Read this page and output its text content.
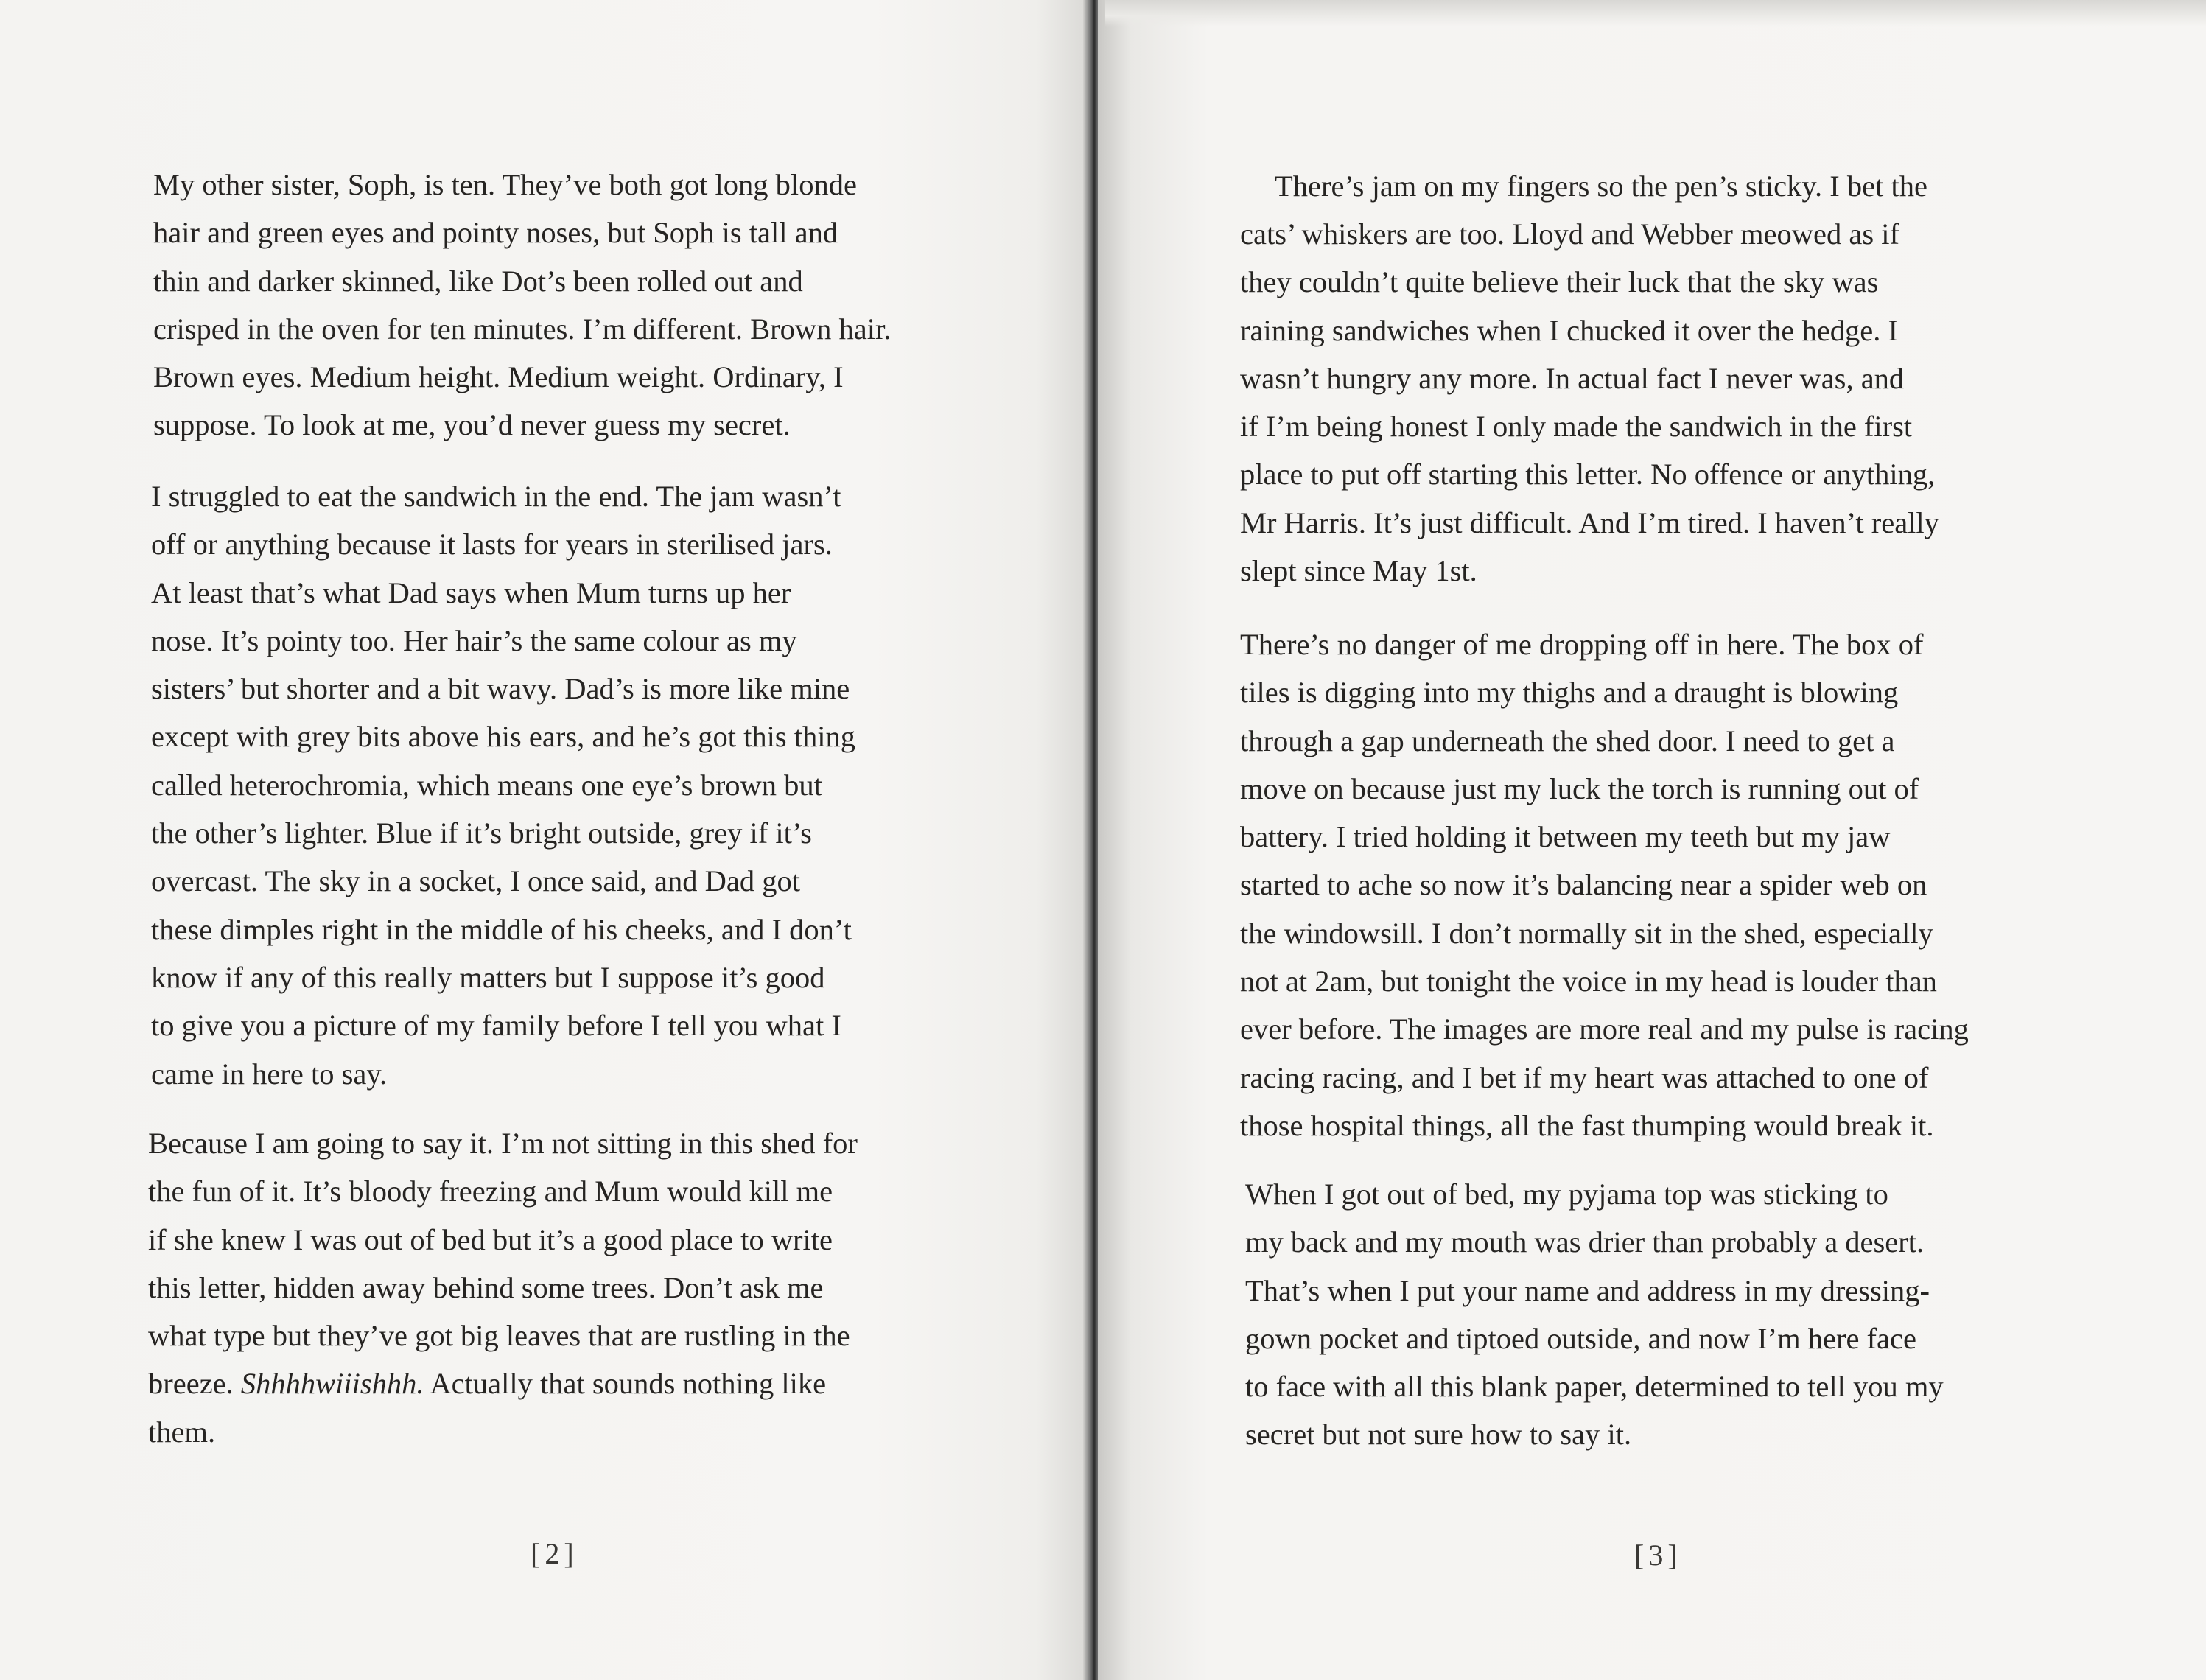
My other sister, Soph, is ten. They’ve both got long blonde
hair and green eyes and pointy noses, but Soph is tall and
thin and darker skinned, like Dot’s been rolled out and
crisped in the oven for ten minutes. I’m different. Brown hair.
Brown eyes. Medium height. Medium weight. Ordinary, I
suppose. To look at me, you’d never guess my secret.
I struggled to eat the sandwich in the end. The jam wasn’t
off or anything because it lasts for years in sterilised jars.
At least that’s what Dad says when Mum turns up her
nose. It’s pointy too. Her hair’s the same colour as my
sisters’ but shorter and a bit wavy. Dad’s is more like mine
except with grey bits above his ears, and he’s got this thing
called heterochromia, which means one eye’s brown but
the other’s lighter. Blue if it’s bright outside, grey if it’s
overcast. The sky in a socket, I once said, and Dad got
these dimples right in the middle of his cheeks, and I don’t
know if any of this really matters but I suppose it’s good
to give you a picture of my family before I tell you what I
came in here to say.
Because I am going to say it. I’m not sitting in this shed for
the fun of it. It’s bloody freezing and Mum would kill me
if she knew I was out of bed but it’s a good place to write
this letter, hidden away behind some trees. Don’t ask me
what type but they’ve got big leaves that are rustling in the
breeze. Shhhhwiiishhh. Actually that sounds nothing like
them.
[2]
There’s jam on my fingers so the pen’s sticky. I bet the
cats’ whiskers are too. Lloyd and Webber meowed as if
they couldn’t quite believe their luck that the sky was
raining sandwiches when I chucked it over the hedge. I
wasn’t hungry any more. In actual fact I never was, and
if I’m being honest I only made the sandwich in the first
place to put off starting this letter. No offence or anything,
Mr Harris. It’s just difficult. And I’m tired. I haven’t really
slept since May 1st.
There’s no danger of me dropping off in here. The box of
tiles is digging into my thighs and a draught is blowing
through a gap underneath the shed door. I need to get a
move on because just my luck the torch is running out of
battery. I tried holding it between my teeth but my jaw
started to ache so now it’s balancing near a spider web on
the windowsill. I don’t normally sit in the shed, especially
not at 2am, but tonight the voice in my head is louder than
ever before. The images are more real and my pulse is racing
racing racing, and I bet if my heart was attached to one of
those hospital things, all the fast thumping would break it.
When I got out of bed, my pyjama top was sticking to
my back and my mouth was drier than probably a desert.
That’s when I put your name and address in my dressing-
gown pocket and tiptoed outside, and now I’m here face
to face with all this blank paper, determined to tell you my
secret but not sure how to say it.
[3]
